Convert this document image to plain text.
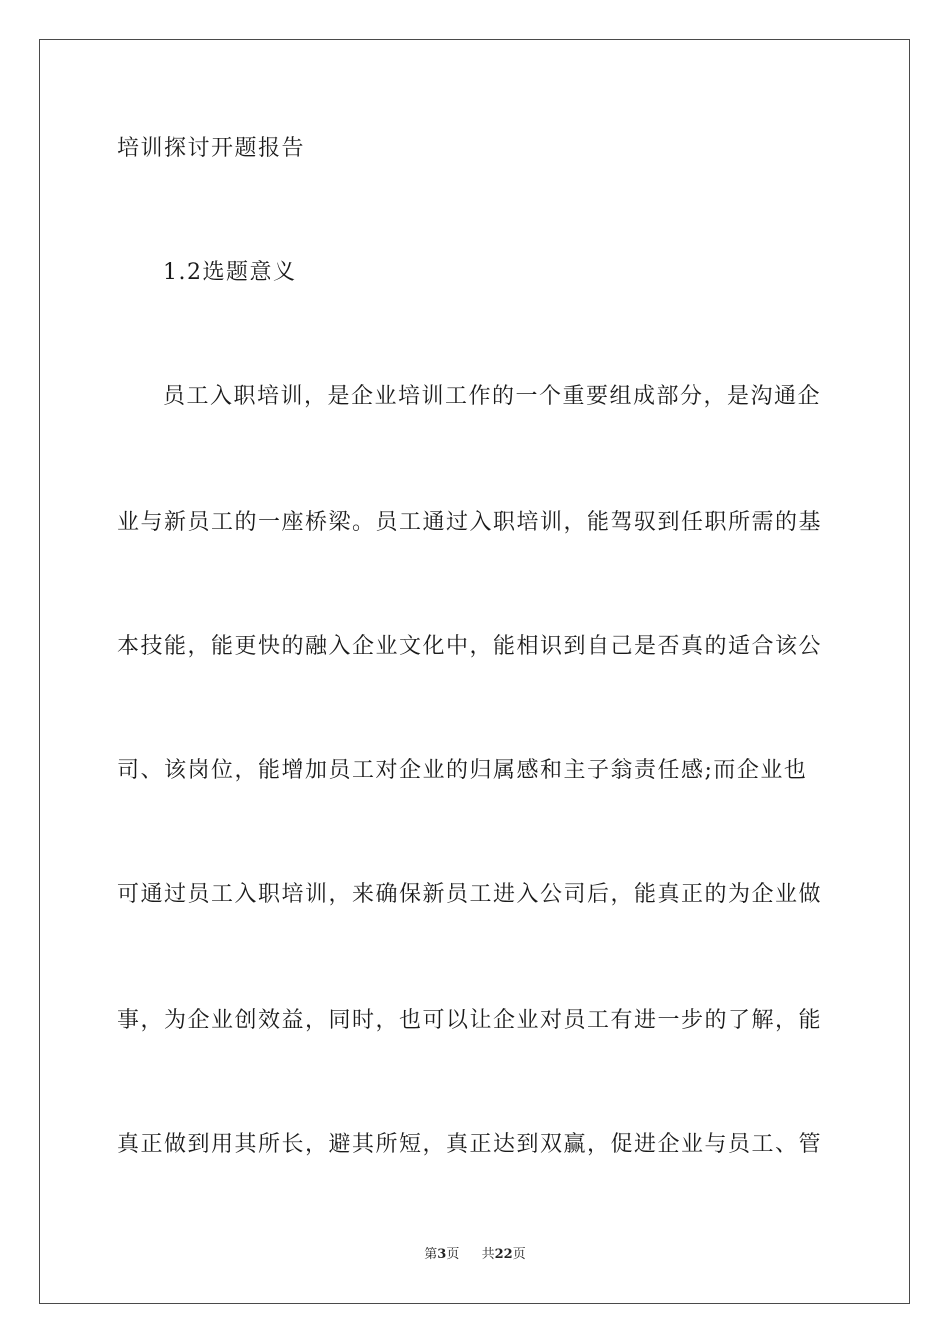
培训探讨开题报告
1.2选题意义
员工入职培训，是企业培训工作的一个重要组成部分，是沟通企
业与新员工的一座桥梁。员工通过入职培训，能驾驭到任职所需的基
本技能，能更快的融入企业文化中，能相识到自己是否真的适合该公
司、该岗位，能增加员工对企业的归属感和主子翁责任感;而企业也
可通过员工入职培训，来确保新员工进入公司后，能真正的为企业做
事，为企业创效益，同时，也可以让企业对员工有进一步的了解，能
真正做到用其所长，避其所短，真正达到双赢，促进企业与员工、管
第3页 共22页
